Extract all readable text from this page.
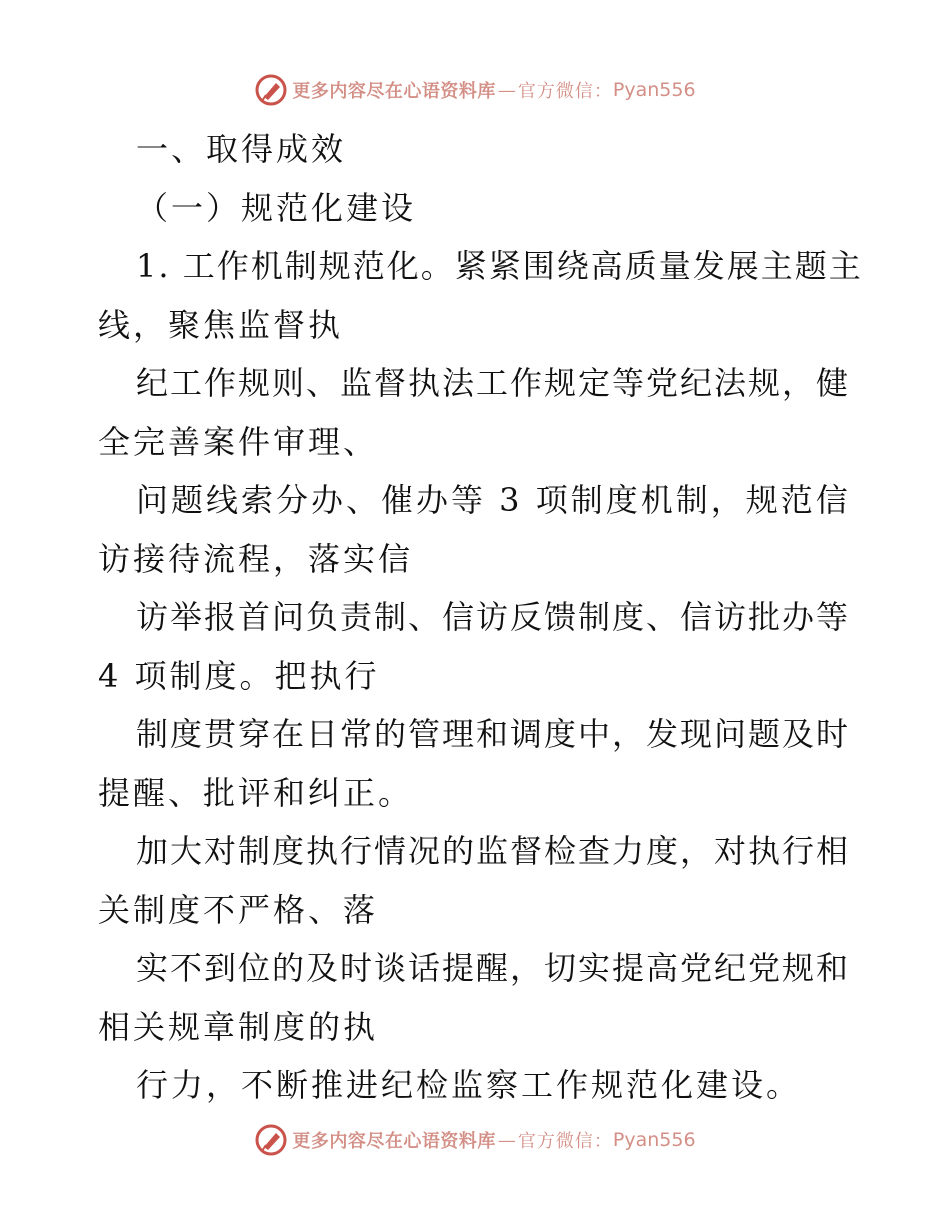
更多内容尽在心语资料库 — 官方微信： Pyan556
一、取得成效
（一）规范化建设
1. 工作机制规范化。紧紧围绕高质量发展主题主
线，聚焦监督执
纪工作规则、监督执法工作规定等党纪法规，健
全完善案件审理、
问题线索分办、催办等 3 项制度机制，规范信
访接待流程，落实信
访举报首问负责制、信访反馈制度、信访批办等
4 项制度。把执行
制度贯穿在日常的管理和调度中，发现问题及时
提醒、批评和纠正。
加大对制度执行情况的监督检查力度，对执行相
关制度不严格、落
实不到位的及时谈话提醒，切实提高党纪党规和
相关规章制度的执
行力，不断推进纪检监察工作规范化建设。
更多内容尽在心语资料库 — 官方微信： Pyan556
